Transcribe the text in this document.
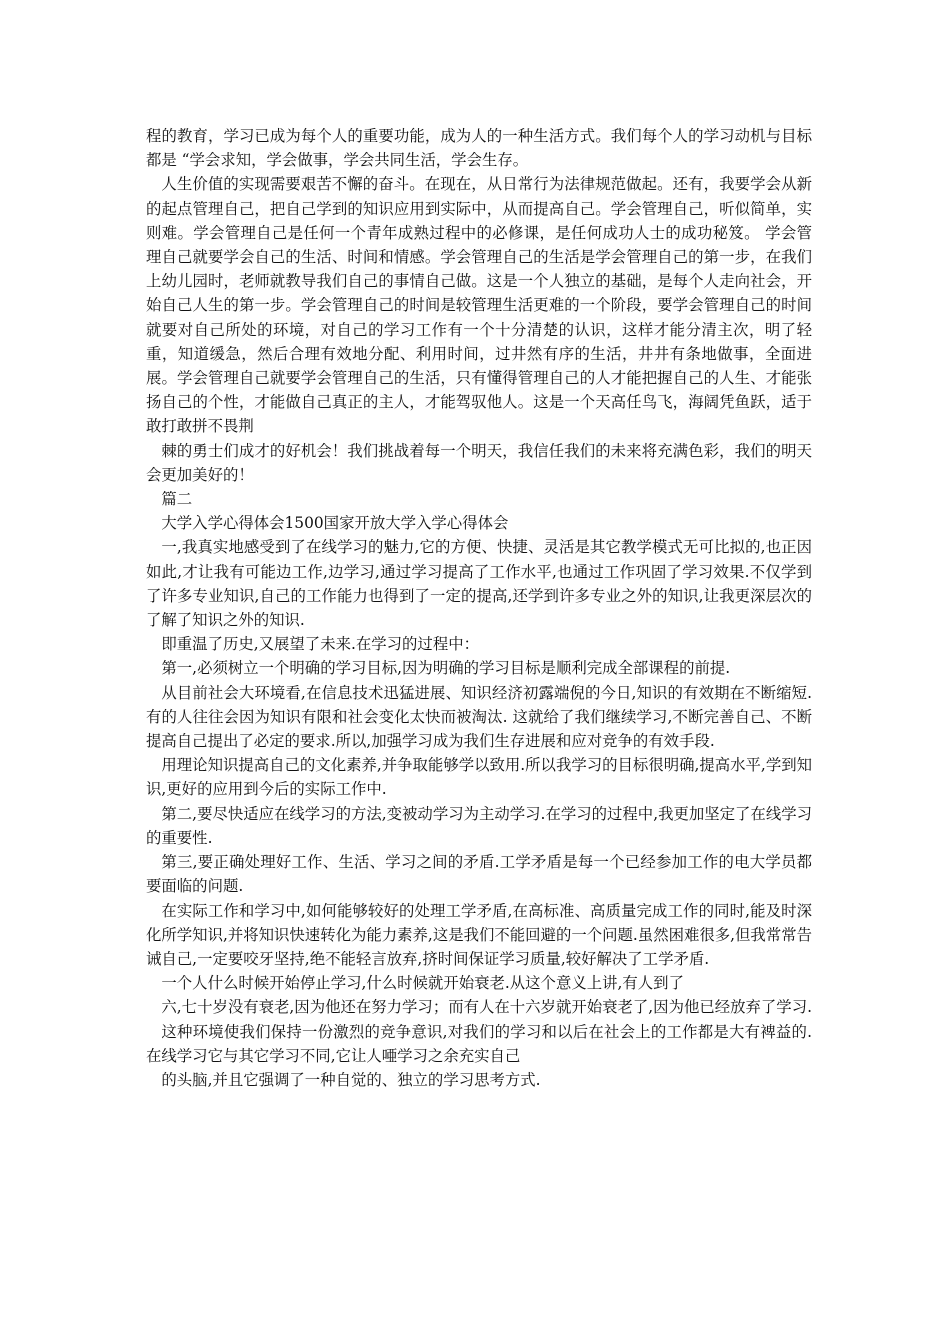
程的教育，学习已成为每个人的重要功能，成为人的一种生活方式。我们每个人的学习动机与目标都是 “学会求知，学会做事，学会共同生活，学会生存。

人生价值的实现需要艰苦不懈的奋斗。在现在，从日常行为法律规范做起。还有，我要学会从新的起点管理自己，把自己学到的知识应用到实际中，从而提高自己。学会管理自己，听似简单，实则难。学会管理自己是任何一个青年成熟过程中的必修课，是任何成功人士的成功秘笈。 学会管理自己就要学会自己的生活、时间和情感。学会管理自己的生活是学会管理自己的第一步，在我们上幼儿园时，老师就教导我们自己的事情自己做。这是一个人独立的基础，是每个人走向社会，开始自己人生的第一步。学会管理自己的时间是较管理生活更难的一个阶段，要学会管理自己的时间就要对自己所处的环境，对自己的学习工作有一个十分清楚的认识，这样才能分清主次，明了轻重，知道缓急，然后合理有效地分配、利用时间，过井然有序的生活，井井有条地做事，全面进展。学会管理自己就要学会管理自己的生活，只有懂得管理自己的人才能把握自己的人生、才能张扬自己的个性，才能做自己真正的主人，才能驾驭他人。这是一个天高任鸟飞，海阔凭鱼跃，适于敢打敢拼不畏荆

棘的勇士们成才的好机会！我们挑战着每一个明天，我信任我们的未来将充满色彩，我们的明天会更加美好的！

篇二

大学入学心得体会1500国家开放大学入学心得体会

一,我真实地感受到了在线学习的魅力,它的方便、快捷、灵活是其它教学模式无可比拟的,也正因如此,才让我有可能边工作,边学习,通过学习提高了工作水平,也通过工作巩固了学习效果.不仅学到了许多专业知识,自己的工作能力也得到了一定的提高,还学到许多专业之外的知识,让我更深层次的了解了知识之外的知识.

即重温了历史,又展望了未来.在学习的过程中：

第一,必须树立一个明确的学习目标,因为明确的学习目标是顺利完成全部课程的前提.

从目前社会大环境看,在信息技术迅猛进展、知识经济初露端倪的今日,知识的有效期在不断缩短.有的人往往会因为知识有限和社会变化太快而被淘汰. 这就给了我们继续学习,不断完善自己、不断提高自己提出了必定的要求.所以,加强学习成为我们生存进展和应对竞争的有效手段.

用理论知识提高自己的文化素养,并争取能够学以致用.所以我学习的目标很明确,提高水平,学到知识,更好的应用到今后的实际工作中.

第二,要尽快适应在线学习的方法,变被动学习为主动学习.在学习的过程中,我更加坚定了在线学习的重要性.

第三,要正确处理好工作、生活、学习之间的矛盾.工学矛盾是每一个已经参加工作的电大学员都要面临的问题.

在实际工作和学习中,如何能够较好的处理工学矛盾,在高标准、高质量完成工作的同时,能及时深化所学知识,并将知识快速转化为能力素养,这是我们不能回避的一个问题.虽然困难很多,但我常常告诫自己,一定要咬牙坚持,绝不能轻言放弃,挤时间保证学习质量,较好解决了工学矛盾.

一个人什么时候开始停止学习,什么时候就开始衰老.从这个意义上讲,有人到了

六,七十岁没有衰老,因为他还在努力学习；而有人在十六岁就开始衰老了,因为他已经放弃了学习.

这种环境使我们保持一份激烈的竞争意识,对我们的学习和以后在社会上的工作都是大有裨益的.在线学习它与其它学习不同,它让人唖学习之余充实自己

的头脑,并且它强调了一种自觉的、独立的学习思考方式.
